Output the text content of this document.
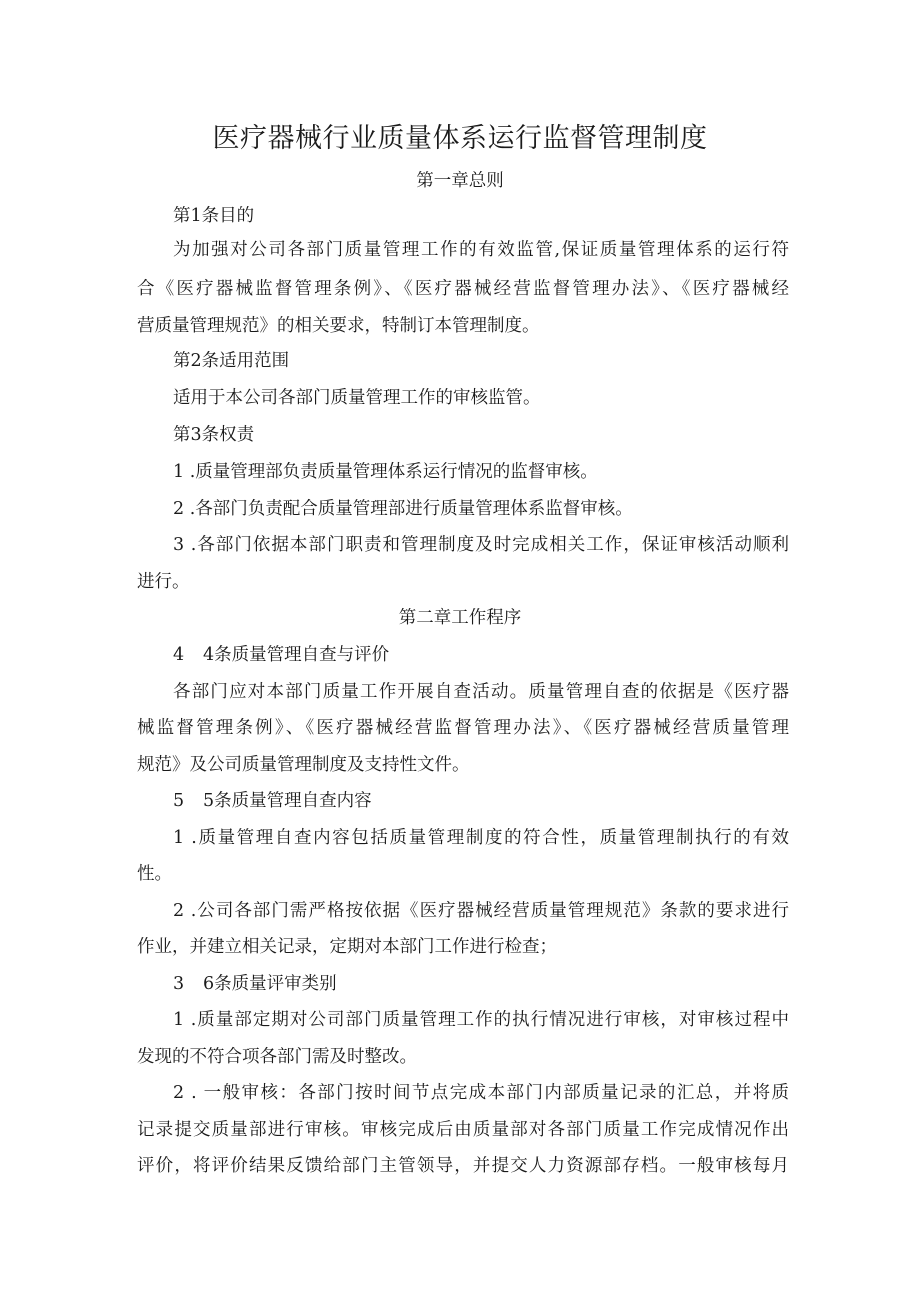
医疗器械行业质量体系运行监督管理制度
第一章总则
第1条目的
为加强对公司各部门质量管理工作的有效监管,保证质量管理体系的运行符
合《医疗器械监督管理条例》、《医疗器械经营监督管理办法》、《医疗器械经
营质量管理规范》的相关要求，特制订本管理制度。
第2条适用范围
适用于本公司各部门质量管理工作的审核监管。
第3条权责
1 .质量管理部负责质量管理体系运行情况的监督审核。
2 .各部门负责配合质量管理部进行质量管理体系监督审核。
3 .各部门依据本部门职责和管理制度及时完成相关工作，保证审核活动顺利
进行。
第二章工作程序
4 4条质量管理自查与评价
各部门应对本部门质量工作开展自查活动。质量管理自查的依据是《医疗器
械监督管理条例》、《医疗器械经营监督管理办法》、《医疗器械经营质量管理
规范》及公司质量管理制度及支持性文件。
5 5条质量管理自查内容
1 .质量管理自查内容包括质量管理制度的符合性，质量管理制执行的有效
性。
2 .公司各部门需严格按依据《医疗器械经营质量管理规范》条款的要求进行
作业，并建立相关记录，定期对本部门工作进行检查；
3 6条质量评审类别
1 .质量部定期对公司部门质量管理工作的执行情况进行审核，对审核过程中
发现的不符合项各部门需及时整改。
2 . 一般审核：各部门按时间节点完成本部门内部质量记录的汇总，并将质
记录提交质量部进行审核。审核完成后由质量部对各部门质量工作完成情况作出
评价，将评价结果反馈给部门主管领导，并提交人力资源部存档。一般审核每月
